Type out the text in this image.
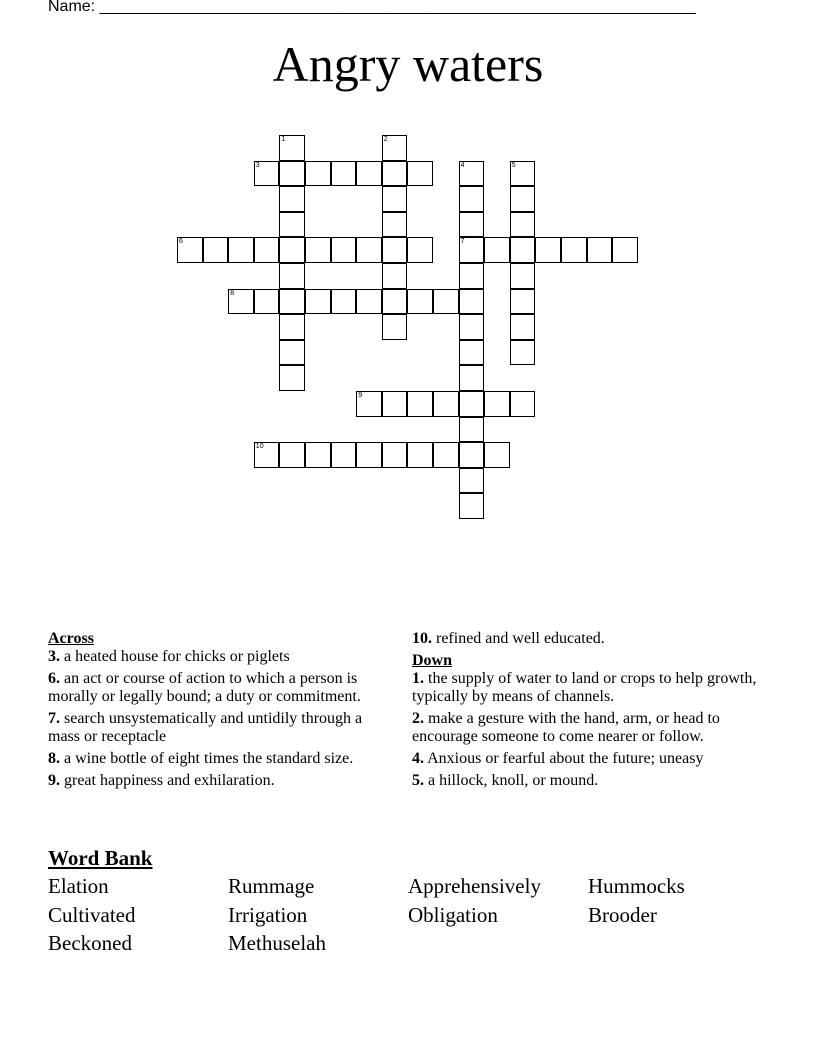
Name: ___________________________________________________________________
Angry waters
3
6	7
8
9
10
1	2
4	5
Across
3. a heated house for chicks or piglets
6. an act or course of action to which a person is morally or legally bound; a duty or commitment.
7. search unsystematically and untidily through a mass or receptacle
8. a wine bottle of eight times the standard size.
9. great happiness and exhilaration.
10. refined and well educated.
Down
1. the supply of water to land or crops to help growth, typically by means of channels.
2. make a gesture with the hand, arm, or head to encourage someone to come nearer or follow.
4. Anxious or fearful about the future; uneasy
5. a hillock, knoll, or mound.
Word Bank
Elation	Rummage	Apprehensively Hummocks
Cultivated	Irrigation	Obligation	Brooder
Beckoned	Methuselah
